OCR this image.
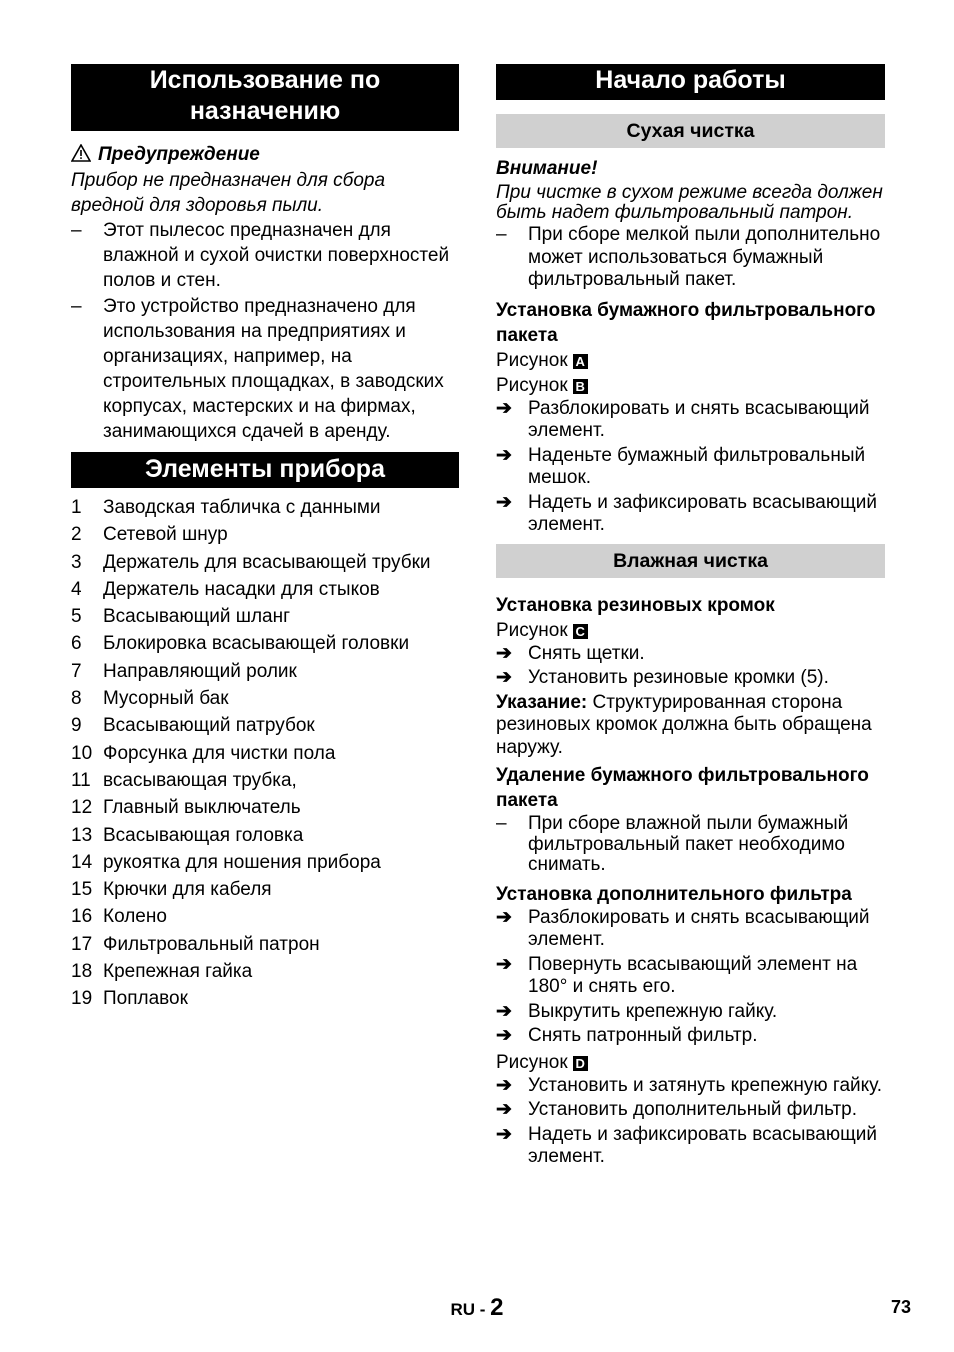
Использование по назначению
Предупреждение
Прибор не предназначен для сбора вредной для здоровья пыли.
–	Этот пылесос предназначен для влажной и сухой очистки поверхностей полов и стен.
–	Это устройство предназначено для использования на предприятиях и организациях, например, на строительных площадках, в заводских корпусах, мастерских и на фирмах, занимающихся сдачей в аренду.
Элементы прибора
1	Заводская табличка с данными
2	Сетевой шнур
3	Держатель для всасывающей трубки
4	Держатель насадки для стыков
5	Всасывающий шланг
6	Блокировка всасывающей головки
7	Направляющий ролик
8	Мусорный бак
9	Всасывающий патрубок
10 Форсунка для чистки пола
11 всасывающая трубка,
12 Главный выключатель
13 Всасывающая головка
14 рукоятка для ношения прибора
15 Крючки для кабеля
16 Колено
17 Фильтровальный патрон
18 Крепежная гайка
19 Поплавок
Начало работы
Сухая чистка
Внимание!
При чистке в сухом режиме всегда должен быть надет фильтровальный патрон.
–	При сборе мелкой пыли дополнительно может использоваться бумажный фильтровальный пакет.
Установка бумажного фильтровального пакета
Рисунок A
Рисунок B
➔ Разблокировать и снять всасывающий элемент.
➔ Наденьте бумажный фильтровальный мешок.
➔ Надеть и зафиксировать всасывающий элемент.
Влажная чистка
Установка резиновых кромок
Рисунок C
➔ Снять щетки.
➔ Установить резиновые кромки (5).
Указание: Структурированная сторона резиновых кромок должна быть обращена наружу.
Удаление бумажного фильтровального пакета
–	При сборе влажной пыли бумажный фильтровальный пакет необходимо снимать.
Установка дополнительного фильтра
➔ Разблокировать и снять всасывающий элемент.
➔ Повернуть всасывающий элемент на 180° и снять его.
➔ Выкрутить крепежную гайку.
➔ Снять патронный фильтр.
Рисунок D
➔ Установить и затянуть крепежную гайку.
➔ Установить дополнительный фильтр.
➔ Надеть и зафиксировать всасывающий элемент.
RU - 2	73
